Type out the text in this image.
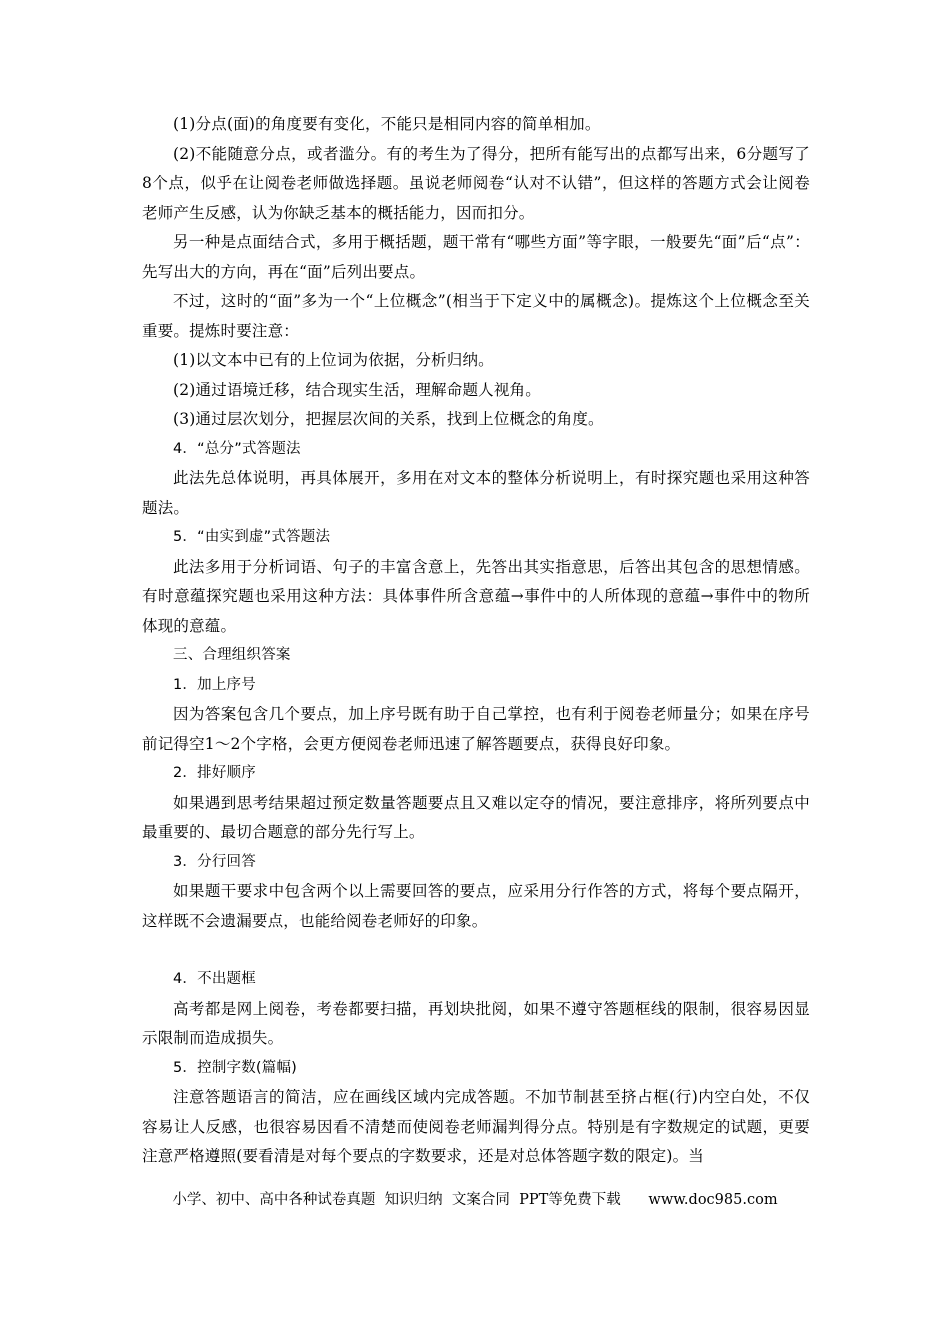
(1)分点(面)的角度要有变化，不能只是相同内容的简单相加。

(2)不能随意分点，或者滥分。有的考生为了得分，把所有能写出的点都写出来，6分题写了8个点，似乎在让阅卷老师做选择题。虽说老师阅卷“认对不认错”，但这样的答题方式会让阅卷老师产生反感，认为你缺乏基本的概括能力，因而扣分。

另一种是点面结合式，多用于概括题，题干常有“哪些方面”等字眼，一般要先“面”后“点”：先写出大的方向，再在“面”后列出要点。

不过，这时的“面”多为一个“上位概念”(相当于下定义中的属概念)。提炼这个上位概念至关重要。提炼时要注意：

(1)以文本中已有的上位词为依据，分析归纳。

(2)通过语境迁移，结合现实生活，理解命题人视角。

(3)通过层次划分，把握层次间的关系，找到上位概念的角度。

4．“总分”式答题法

此法先总体说明，再具体展开，多用在对文本的整体分析说明上，有时探究题也采用这种答题法。

5．“由实到虚”式答题法

此法多用于分析词语、句子的丰富含意上，先答出其实指意思，后答出其包含的思想情感。有时意蕴探究题也采用这种方法：具体事件所含意蕴→事件中的人所体现的意蕴→事件中的物所体现的意蕴。

三、合理组织答案

1．加上序号

因为答案包含几个要点，加上序号既有助于自己掌控，也有利于阅卷老师量分；如果在序号前记得空1～2个字格，会更方便阅卷老师迅速了解答题要点，获得良好印象。

2．排好顺序

如果遇到思考结果超过预定数量答题要点且又难以定夺的情况，要注意排序，将所列要点中最重要的、最切合题意的部分先行写上。

3．分行回答

如果题干要求中包含两个以上需要回答的要点，应采用分行作答的方式，将每个要点隔开，这样既不会遗漏要点，也能给阅卷老师好的印象。

4．不出题框

高考都是网上阅卷，考卷都要扫描，再划块批阅，如果不遵守答题框线的限制，很容易因显示限制而造成损失。

5．控制字数(篇幅)

注意答题语言的简洁，应在画线区域内完成答题。不加节制甚至挤占框(行)内空白处，不仅容易让人反感，也很容易因看不清楚而使阅卷老师漏判得分点。特别是有字数规定的试题，更要注意严格遵照(要看清是对每个要点的字数要求，还是对总体答题字数的限定)。当

小学、初中、高中各种试卷真题  知识归纳  文案合同  PPT等免费下载 www.doc985.com
